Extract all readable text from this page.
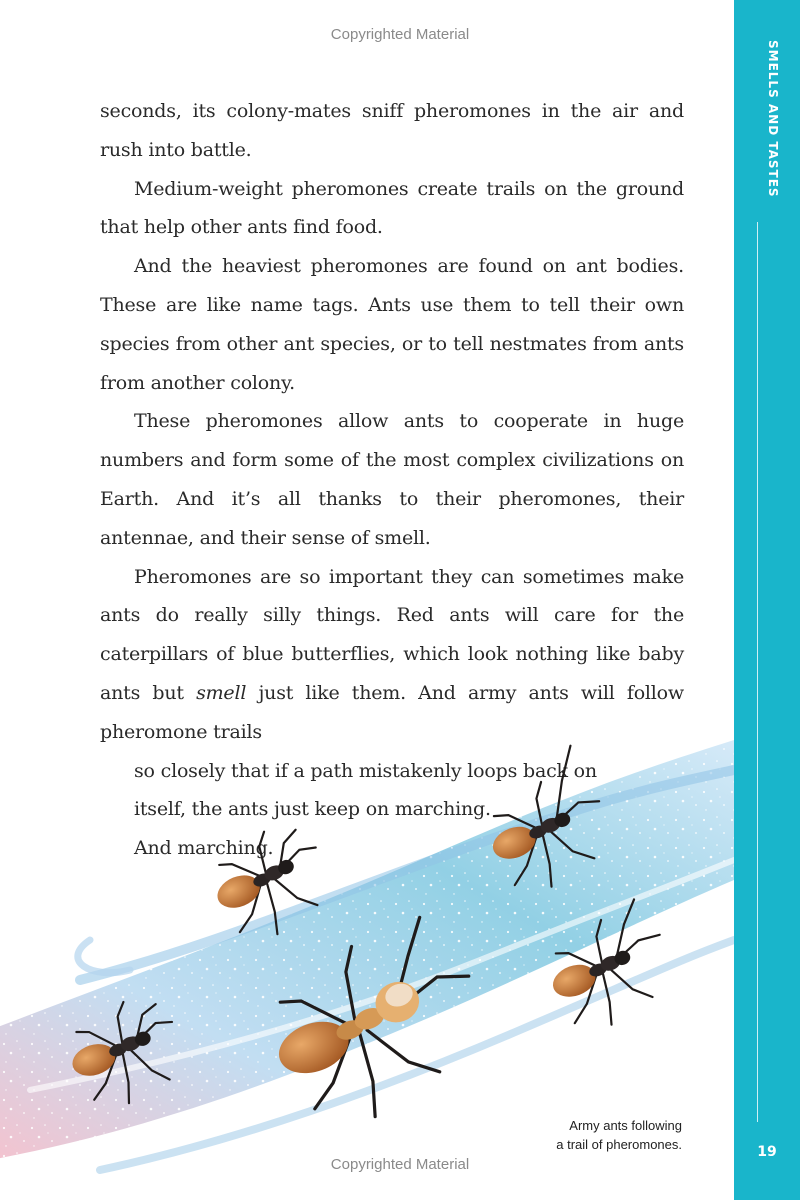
Copyrighted Material

seconds, its colony-mates sniff pheromones in the air and rush into battle.

Medium-weight pheromones create trails on the ground that help other ants find food.

And the heaviest pheromones are found on ant bodies. These are like name tags. Ants use them to tell their own species from other ant species, or to tell nestmates from ants from another colony.

These pheromones allow ants to cooperate in huge numbers and form some of the most complex civilizations on Earth. And it’s all thanks to their pheromones, their antennae, and their sense of smell.

Pheromones are so important they can sometimes make ants do really silly things. Red ants will care for the caterpillars of blue butterflies, which look nothing like baby ants but smell just like them. And army ants will follow pheromone trails
so closely that if a path mistakenly loops back on
itself, the ants just keep on marching.
And marching.

Army ants following
a trail of pheromones.
SMELLS AND TASTES
19
Copyrighted Material
